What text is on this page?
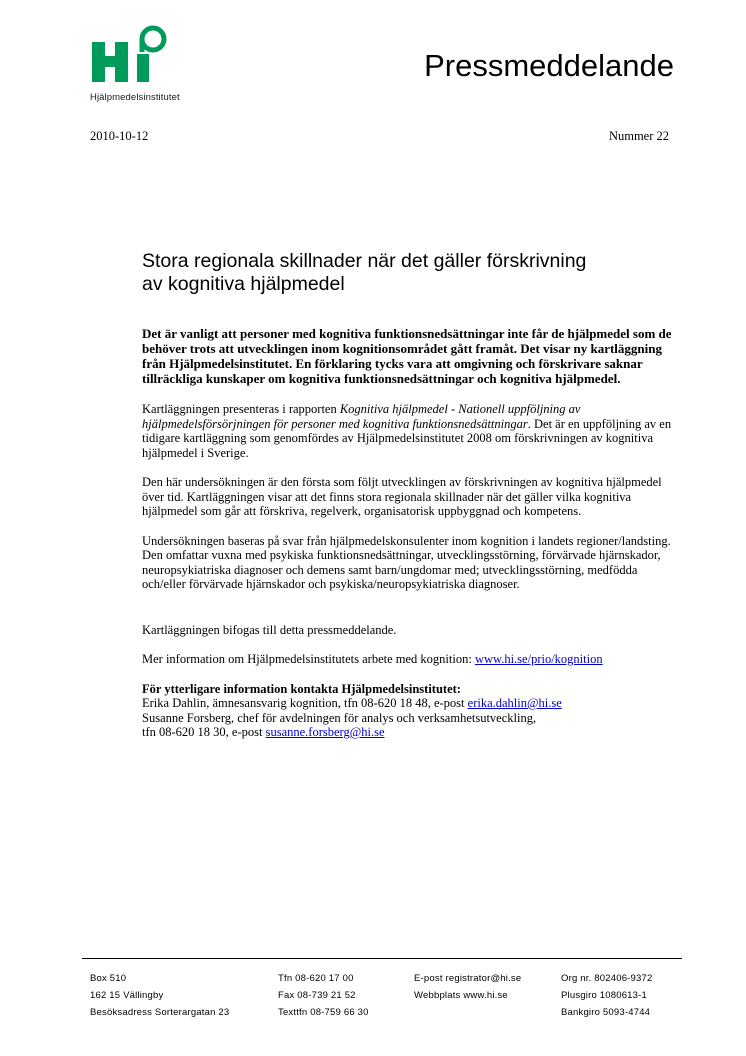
Hjälpmedelsinstitutet
Pressmeddelande
2010-10-12	Nummer 22
Stora regionala skillnader när det gäller förskrivning
av kognitiva hjälpmedel

Det är vanligt att personer med kognitiva funktionsnedsättningar inte får de hjälpmedel som de behöver trots att utvecklingen inom kognitionsområdet gått framåt. Det visar ny kartläggning från Hjälpmedelsinstitutet. En förklaring tycks vara att omgivning och förskrivare saknar tillräckliga kunskaper om kognitiva funktionsnedsättningar och kognitiva hjälpmedel.

Kartläggningen presenteras i rapporten Kognitiva hjälpmedel - Nationell uppföljning av hjälpmedelsförsörjningen för personer med kognitiva funktionsnedsättningar. Det är en uppföljning av en tidigare kartläggning som genomfördes av Hjälpmedelsinstitutet 2008 om förskrivningen av kognitiva hjälpmedel i Sverige.

Den här undersökningen är den första som följt utvecklingen av förskrivningen av kognitiva hjälpmedel över tid. Kartläggningen visar att det finns stora regionala skillnader när det gäller vilka kognitiva hjälpmedel som går att förskriva, regelverk, organisatorisk uppbyggnad och kompetens.

Undersökningen baseras på svar från hjälpmedelskonsulenter inom kognition i landets regioner/landsting. Den omfattar vuxna med psykiska funktionsnedsättningar, utvecklingsstörning, förvärvade hjärnskador, neuropsykiatriska diagnoser och demens samt barn/ungdomar med; utvecklingsstörning, medfödda och/eller förvärvade hjärnskador och psykiska/neuropsykiatriska diagnoser.

Kartläggningen bifogas till detta pressmeddelande.

Mer information om Hjälpmedelsinstitutets arbete med kognition: www.hi.se/prio/kognition

För ytterligare information kontakta Hjälpmedelsinstitutet:
Erika Dahlin, ämnesansvarig kognition, tfn 08-620 18 48, e-post erika.dahlin@hi.se
Susanne Forsberg, chef för avdelningen för analys och verksamhetsutveckling,
tfn 08-620 18 30, e-post susanne.forsberg@hi.se

Box 510
162 15 Vällingby
Besöksadress Sorterargatan 23
Tfn 08-620 17 00
Fax 08-739 21 52
Texttfn 08-759 66 30
E-post registrator@hi.se
Webbplats www.hi.se
Org nr. 802406-9372
Plusgiro 1080613-1
Bankgiro 5093-4744
